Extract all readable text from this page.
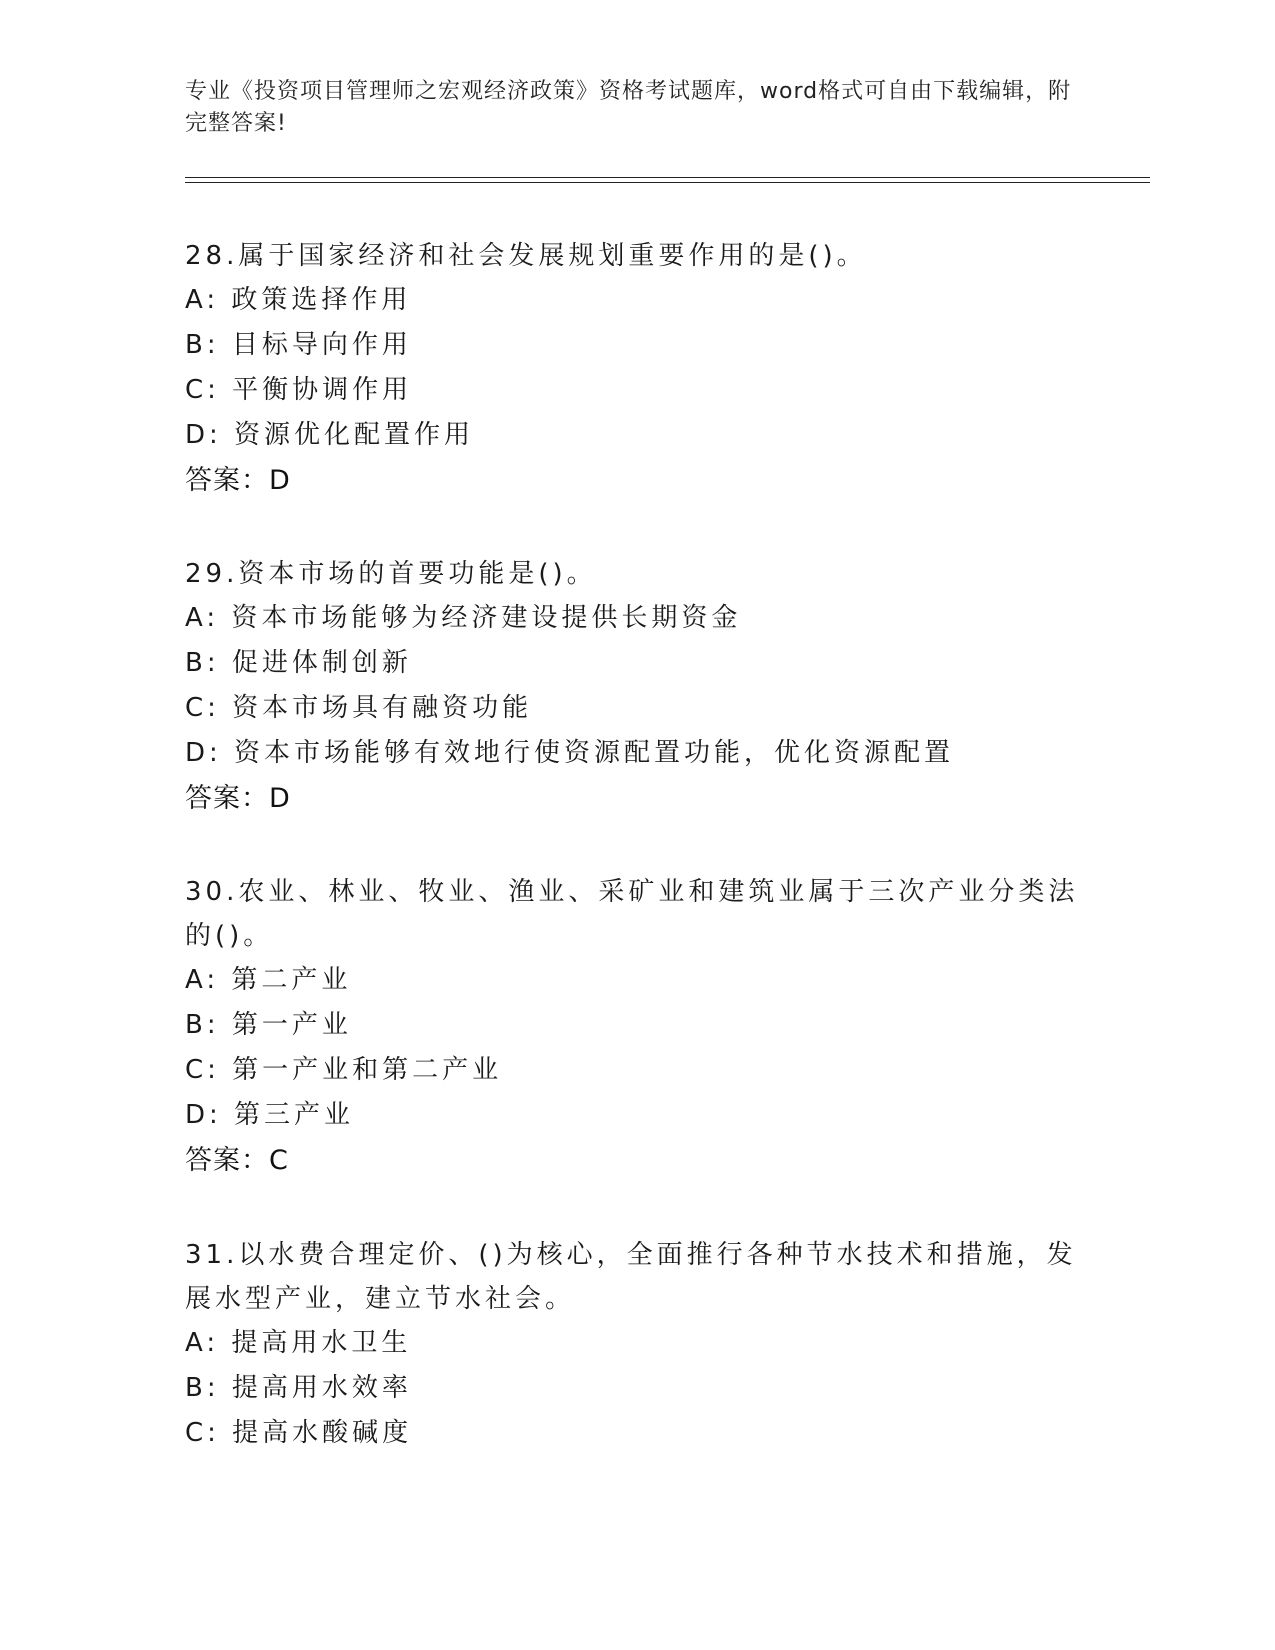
专业《投资项目管理师之宏观经济政策》资格考试题库，word格式可自由下载编辑，附完整答案!

28.属于国家经济和社会发展规划重要作用的是()。

A: 政策选择作用

B: 目标导向作用

C: 平衡协调作用

D: 资源优化配置作用

答案：D

29.资本市场的首要功能是()。

A: 资本市场能够为经济建设提供长期资金

B: 促进体制创新

C: 资本市场具有融资功能

D: 资本市场能够有效地行使资源配置功能，优化资源配置

答案：D

30.农业、林业、牧业、渔业、采矿业和建筑业属于三次产业分类法的()。

A: 第二产业

B: 第一产业

C: 第一产业和第二产业

D: 第三产业

答案：C

31.以水费合理定价、()为核心，全面推行各种节水技术和措施，发展水型产业，建立节水社会。

A: 提高用水卫生

B: 提高用水效率

C: 提高水酸碱度
